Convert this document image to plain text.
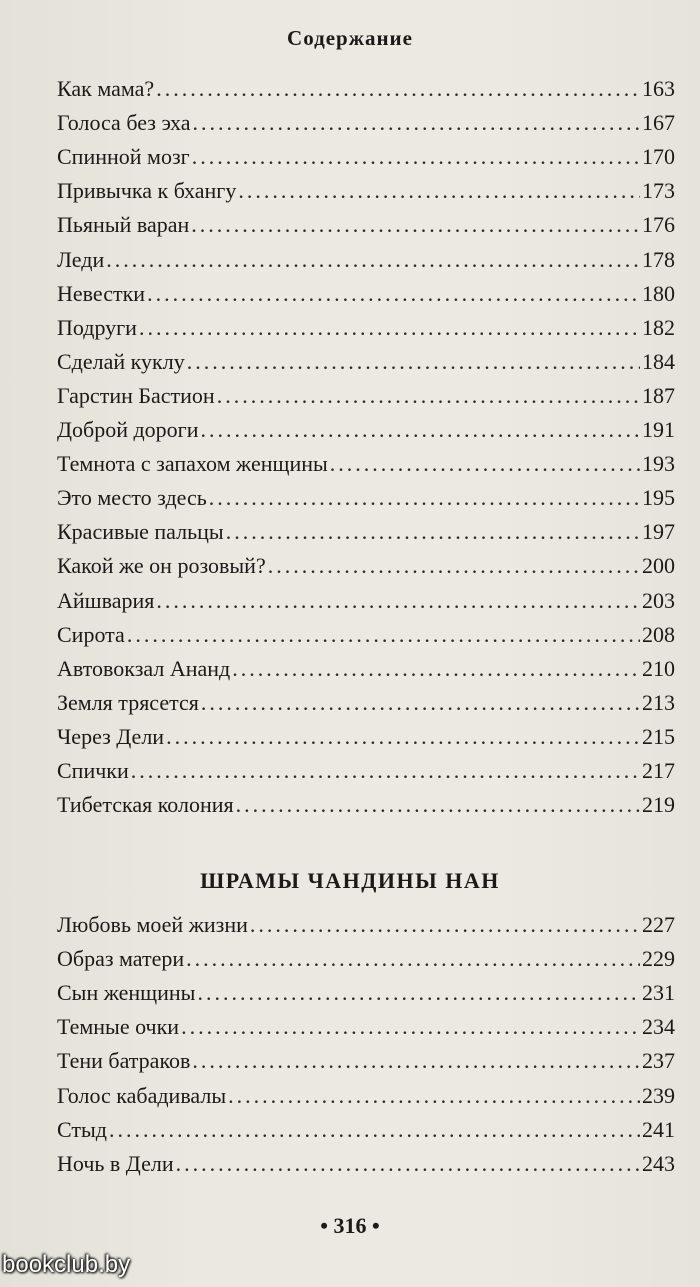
Содержание
Как мама? .....	163
Голоса без эха .....	167
Спинной мозг .....	170
Привычка к бхангу .....	173
Пьяный варан .....	176
Леди .....	178
Невестки .....	180
Подруги .....	182
Сделай куклу .....	184
Гарстин Бастион .....	187
Доброй дороги .....	191
Темнота с запахом женщины .....	193
Это место здесь .....	195
Красивые пальцы .....	197
Какой же он розовый? .....	200
Айшвария .....	203
Сирота .....	208
Автовокзал Ананд .....	210
Земля трясется .....	213
Через Дели .....	215
Спички .....	217
Тибетская колония .....	219
ШРАМЫ ЧАНДИНЫ НАН
Любовь моей жизни .....	227
Образ матери .....	229
Сын женщины .....	231
Темные очки .....	234
Тени батраков .....	237
Голос кабадивалы .....	239
Стыд .....	241
Ночь в Дели .....	243
• 316 •
bookclub.by
